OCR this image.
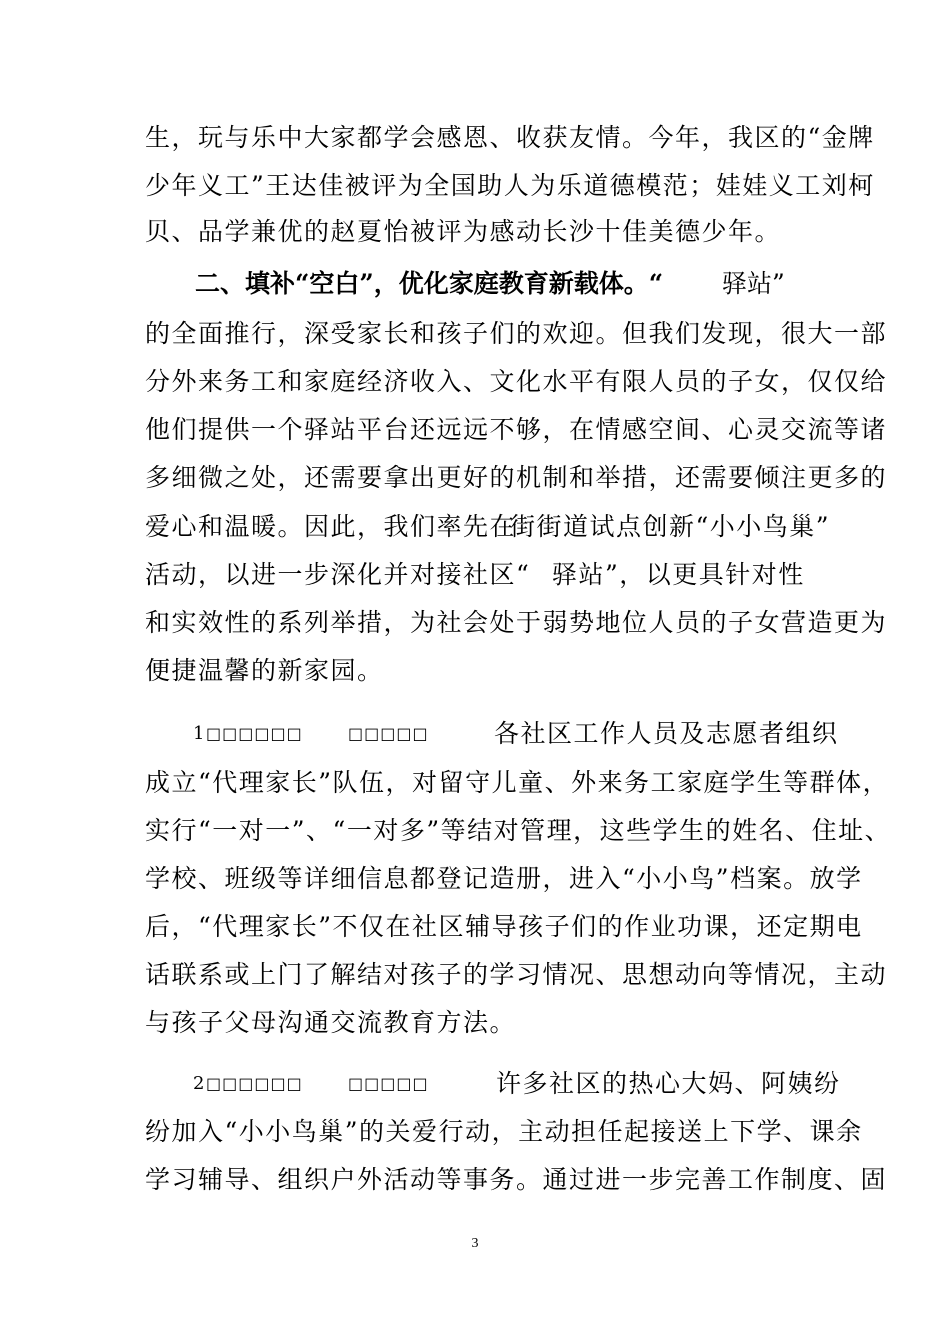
生，玩与乐中大家都学会感恩、收获友情。今年，我区的“金牌
少年义工”王达佳被评为全国助人为乐道德模范；娃娃义工刘柯
贝、品学兼优的赵夏怡被评为感动长沙十佳美德少年。
二、填补“空白”，优化家庭教育新载体。“ 驿站”
的全面推行，深受家长和孩子们的欢迎。但我们发现，很大一部
分外来务工和家庭经济收入、文化水平有限人员的子女，仅仅给
他们提供一个驿站平台还远远不够，在情感空间、心灵交流等诸
多细微之处，还需要拿出更好的机制和举措，还需要倾注更多的
爱心和温暖。因此，我们率先在
街街道试点创新“小小鸟巢”
活动，以进一步深化并对接社区“ 驿站”，以更具针对性
和实效性的系列举措，为社会处于弱势地位人员的子女营造更为
便捷温馨的新家园。
1 □□□□□□	□□□□□	各社区工作人员及志愿者组织
成立“代理家长”队伍，对留守儿童、外来务工家庭学生等群体，
实行“一对一”、“一对多”等结对管理，这些学生的姓名、住址、
学校、班级等详细信息都登记造册，进入“小小鸟”档案。放学
后，“代理家长”不仅在社区辅导孩子们的作业功课，还定期电
话联系或上门了解结对孩子的学习情况、思想动向等情况，主动
与孩子父母沟通交流教育方法。
2 □□□□□□	□□□□□	许多社区的热心大妈、阿姨纷
纷加入“小小鸟巢”的关爱行动，主动担任起接送上下学、课余
学习辅导、组织户外活动等事务。通过进一步完善工作制度、固
3
